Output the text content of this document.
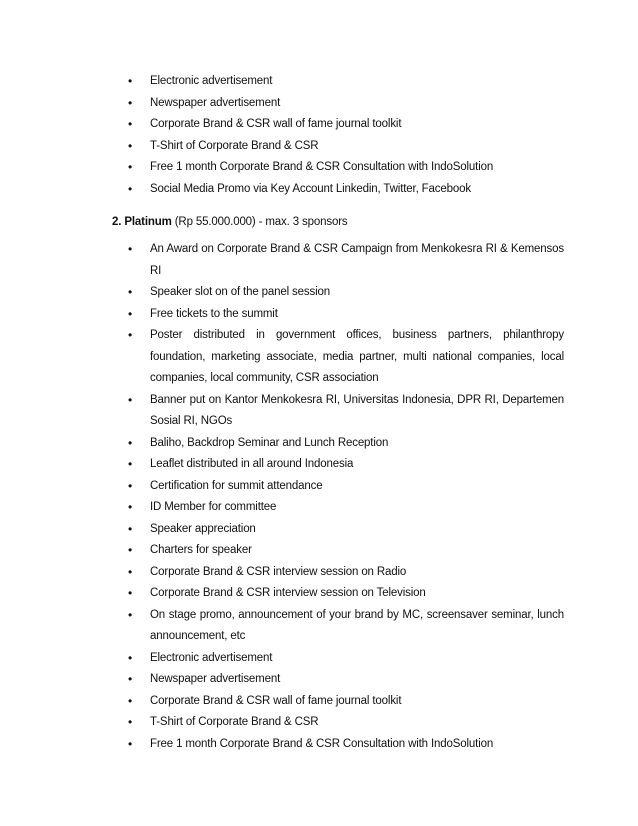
• Electronic advertisement
• Newspaper advertisement
• Corporate Brand & CSR wall of fame journal toolkit
• T-Shirt of Corporate Brand & CSR
• Free 1 month Corporate Brand & CSR Consultation with IndoSolution
• Social Media Promo via Key Account Linkedin, Twitter, Facebook
2. Platinum (Rp 55.000.000) - max. 3 sponsors
• An Award on Corporate Brand & CSR Campaign from Menkokesra RI & Kemensos RI
• Speaker slot on of the panel session
• Free tickets to the summit
• Poster distributed in government offices, business partners, philanthropy foundation, marketing associate, media partner, multi national companies, local companies, local community, CSR association
• Banner put on Kantor Menkokesra RI, Universitas Indonesia, DPR RI, Departemen Sosial RI, NGOs
• Baliho, Backdrop Seminar and Lunch Reception
• Leaflet distributed in all around Indonesia
• Certification for summit attendance
• ID Member for committee
• Speaker appreciation
• Charters for speaker
• Corporate Brand & CSR interview session on Radio
• Corporate Brand & CSR interview session on Television
• On stage promo, announcement of your brand by MC, screensaver seminar, lunch announcement, etc
• Electronic advertisement
• Newspaper advertisement
• Corporate Brand & CSR wall of fame journal toolkit
• T-Shirt of Corporate Brand & CSR
• Free 1 month Corporate Brand & CSR Consultation with IndoSolution
